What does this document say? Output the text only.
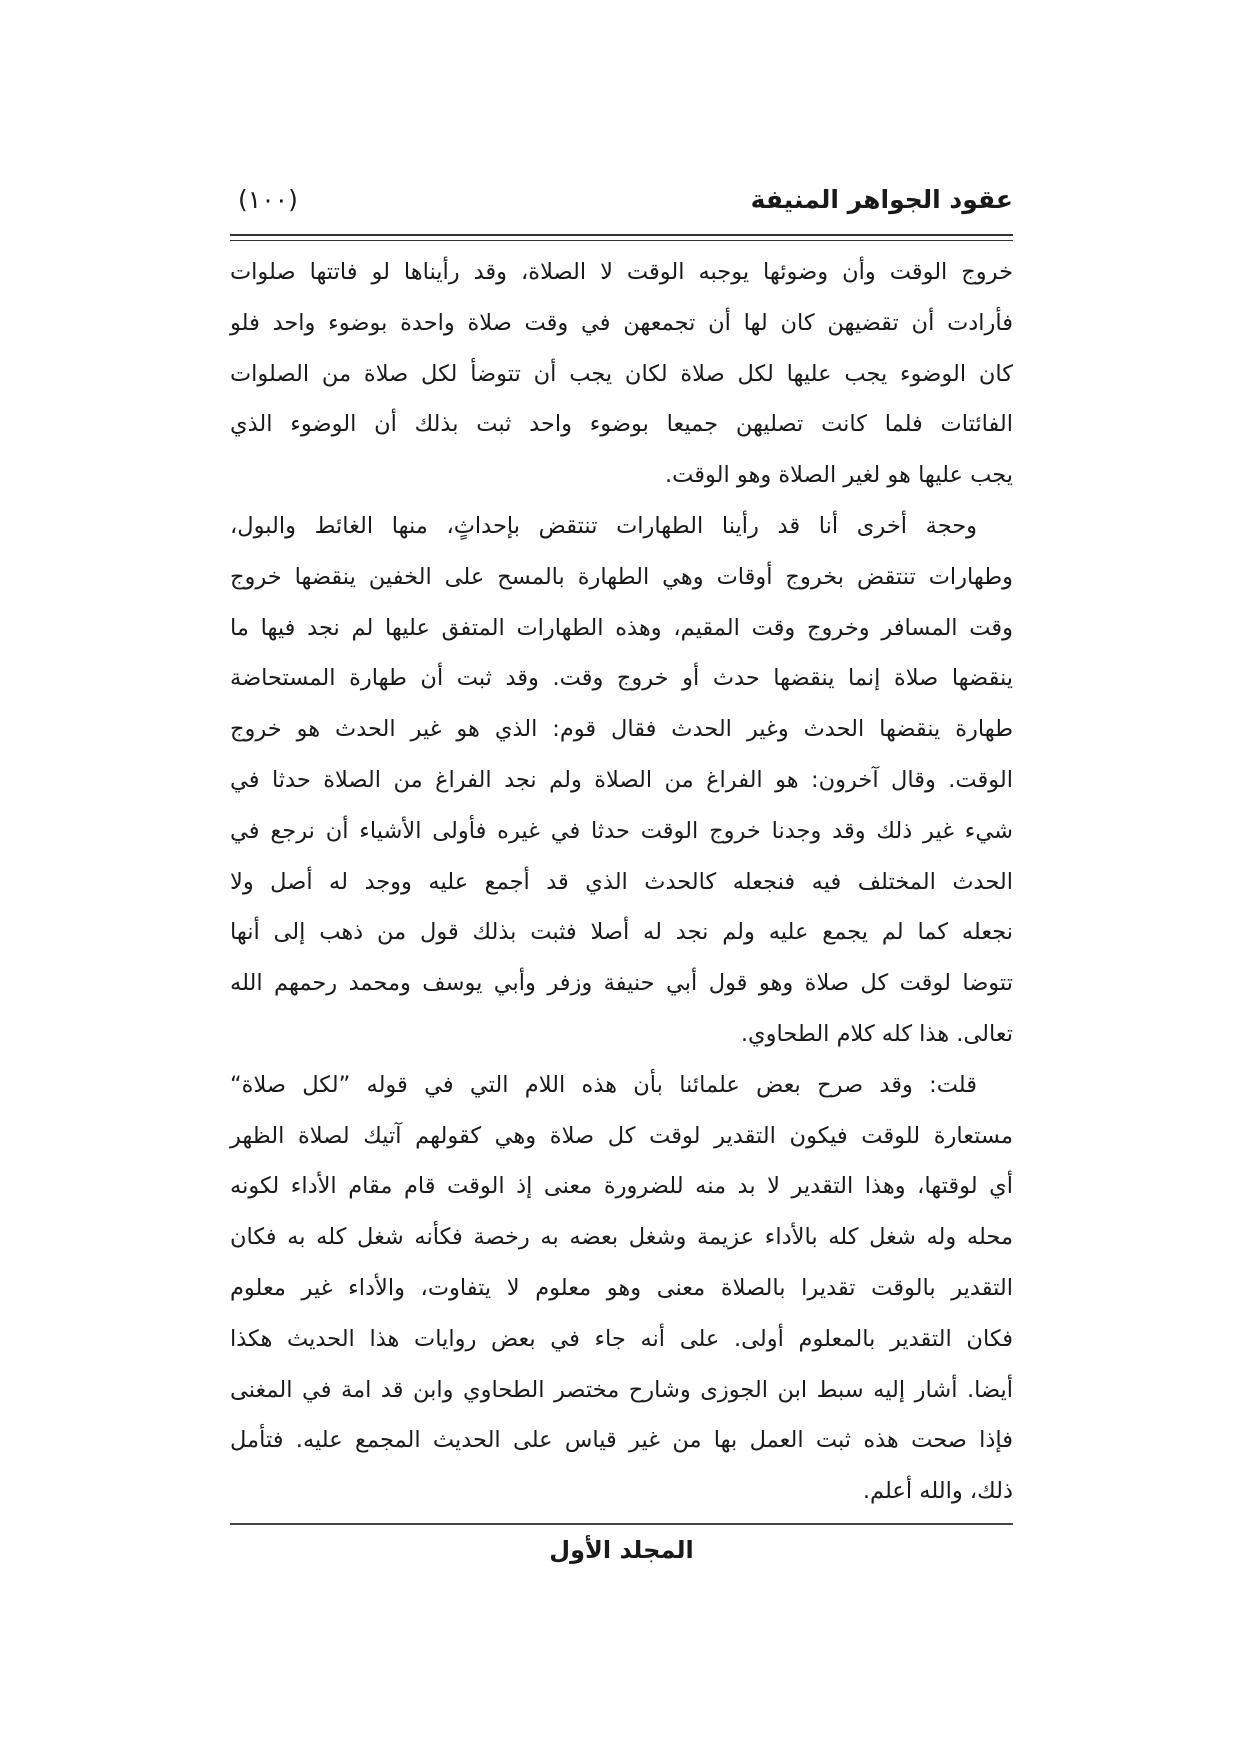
عقود الجواهر المنيفة
(١٠٠)
خروج الوقت وأن وضوئها يوجبه الوقت لا الصلاة، وقد رأيناها لو فاتتها صلوات
فأرادت أن تقضيهن كان لها أن تجمعهن في وقت صلاة واحدة بوضوء واحد فلو
كان الوضوء يجب عليها لكل صلاة لكان يجب أن تتوضأ لكل صلاة من الصلوات
الفائتات فلما كانت تصليهن جميعا بوضوء واحد ثبت بذلك أن الوضوء الذي
يجب عليها هو لغير الصلاة وهو الوقت.
وحجة أخرى أنا قد رأينا الطهارات تنتقض بإحداثٍ، منها الغائط والبول،
وطهارات تنتقض بخروج أوقات وهي الطهارة بالمسح على الخفين ينقضها خروج
وقت المسافر وخروج وقت المقيم، وهذه الطهارات المتفق عليها لم نجد فيها ما
ينقضها صلاة إنما ينقضها حدث أو خروج وقت. وقد ثبت أن طهارة المستحاضة
طهارة ينقضها الحدث وغير الحدث فقال قوم: الذي هو غير الحدث هو خروج
الوقت. وقال آخرون: هو الفراغ من الصلاة ولم نجد الفراغ من الصلاة حدثا في
شيء غير ذلك وقد وجدنا خروج الوقت حدثا في غيره فأولى الأشياء أن نرجع في
الحدث المختلف فيه فنجعله كالحدث الذي قد أجمع عليه ووجد له أصل ولا
نجعله كما لم يجمع عليه ولم نجد له أصلا فثبت بذلك قول من ذهب إلى أنها
تتوضا لوقت كل صلاة وهو قول أبي حنيفة وزفر وأبي يوسف ومحمد رحمهم الله
تعالى. هذا كله كلام الطحاوي.
قلت: وقد صرح بعض علمائنا بأن هذه اللام التي في قوله ”لكل صلاة“
مستعارة للوقت فيكون التقدير لوقت كل صلاة وهي كقولهم آتيك لصلاة الظهر
أي لوقتها، وهذا التقدير لا بد منه للضرورة معنى إذ الوقت قام مقام الأداء لكونه
محله وله شغل كله بالأداء عزيمة وشغل بعضه به رخصة فكأنه شغل كله به فكان
التقدير بالوقت تقديرا بالصلاة معنى وهو معلوم لا يتفاوت، والأداء غير معلوم
فكان التقدير بالمعلوم أولى. على أنه جاء في بعض روايات هذا الحديث هكذا
أيضا. أشار إليه سبط ابن الجوزى وشارح مختصر الطحاوي وابن قد امة في المغنى
فإذا صحت هذه ثبت العمل بها من غير قياس على الحديث المجمع عليه. فتأمل
ذلك، والله أعلم.
المجلد الأول
